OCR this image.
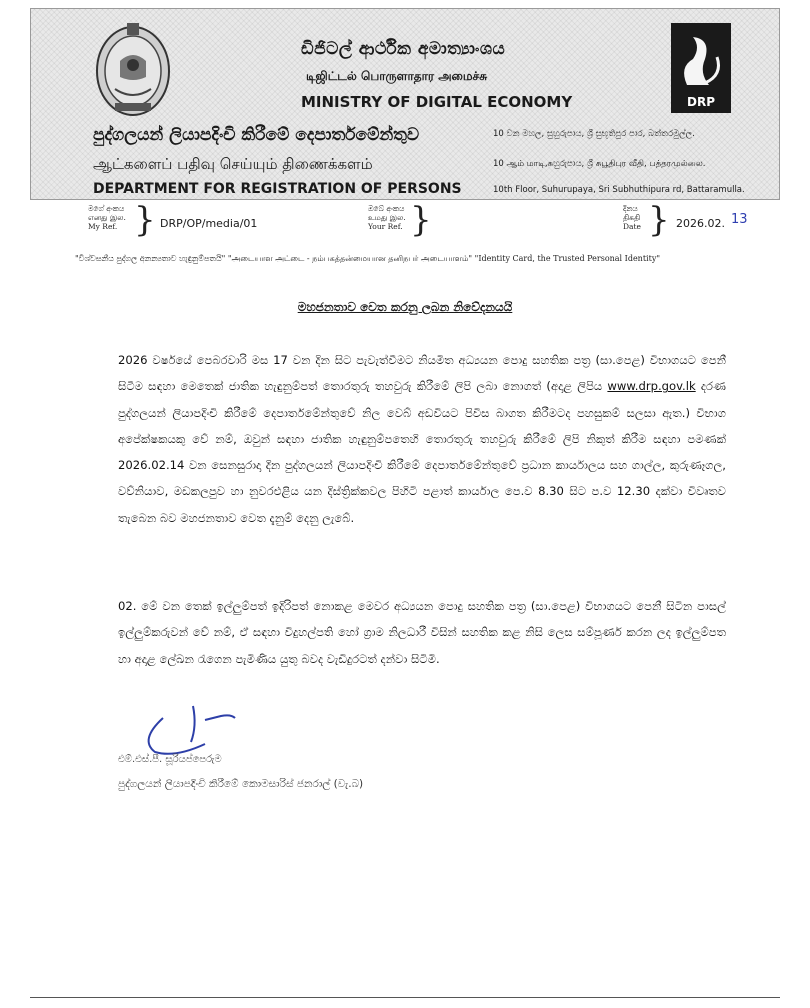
ඩිජිටල් ආර්ථික අමාත්‍යාංශය
டிஜிட்டல் பொருளாதார அமைச்சு
MINISTRY OF DIGITAL ECONOMY	DRP
පුද්ගලයන් ලියාපදිංචි කිරීමේ දෙපාර්තමේන්තුව
ஆட்களைப் பதிவு செய்யும் திணைக்களம்
DEPARTMENT FOR REGISTRATION OF PERSONS
10 වන මහල, සුහුරුපාය, ශ්‍රී සුභූතිපුර පාර, බත්තරමුල්ල.
10 ஆம் மாடி,சுහුරුපාය, ශ්‍රී சுபூதிபுர வீதி, பத்தரமுல்லை.
10th Floor, Suhurupaya, Sri Subhuthipura rd, Battaramulla.
මගේ අංකය
எனது இல.
My Ref. } DRP/OP/media/01
ඔබේ අංකය
உமது இல.
Your Ref. }	දිනය
திகதி
Date } 2026.02. 13
"විශ්වසනීය පුද්ගල අනන්‍යතාව හැඳුනුම්පතයි" "அடையாள அட்டை - நம்பகத்தன்மையான தனிநபர் அடையாளம்" "Identity Card, the Trusted Personal Identity"
මහජනතාව වෙත කරනු ලබන නිවේදනයයි

2026 වර්ෂයේ පෙබරවාරි මස 17 වන දින සිට පැවැත්වීමට නියමිත අධ්‍යයන පොදු සහතික පත්‍ර (සා.පෙළ) විභාගයට පෙනී සිටීම සඳහා මෙතෙක් ජාතික හැඳුනුම්පත් තොරතුරු තහවුරු කිරීමේ ලිපි ලබා නොගත් (අදාළ ලිපිය www.drp.gov.lk දරණ පුද්ගලයන් ලියාපදිංචි කිරීමේ දෙපාර්තමේන්තුවේ නිල වෙබ් අඩවියට පිවිස බාගත කිරීමටද පහසුකම් සලසා ඇත.) විභාග අපේක්ෂකයකු වේ නම්, ඔවුන් සඳහා ජාතික හැඳුනුම්පතෙහි තොරතුරු තහවුරු කිරීමේ ලිපි නිකුත් කිරීම සඳහා පමණක් 2026.02.14 වන සෙනසුරාදා දින පුද්ගලයන් ලියාපදිංචි කිරීමේ දෙපාර්තමේන්තුවේ ප්‍රධාන කාර්යාලය සහ ගාල්ල, කුරුණෑගල, වව්නියාව, මඩකලපුව හා නුවරඑළිය යන දිස්ත්‍රික්කවල පිහිටි පළාත් කාර්යාල පෙ.ව 8.30 සිට ප.ව 12.30 දක්වා විවෘතව තැබෙන බව මහජනතාව වෙත දැනුම් දෙනු ලැබේ.

02. මේ වන තෙක් ඉල්ලුම්පත් ඉදිරිපත් නොකළ මෙවර අධ්‍යයන පොදු සහතික පත්‍ර (සා.පෙළ) විභාගයට පෙනී සිටින පාසල් ඉල්ලුම්කරුවන් වේ නම්, ඒ සඳහා විදුහල්පති හෝ ග්‍රාම නිලධාරී විසින් සහතික කළ නිසි ලෙස සම්පූර්ණ කරන ලද ඉල්ලුම්පත හා අදාළ ලේඛන රැගෙන පැමිණිය යුතු බවද වැඩිදුරටත් දන්වා සිටිමි.

එම්.එස්.පී. සූරියප්පෙරුම
පුද්ගලයන් ලියාපදිංචි කිරීමේ කොමසාරිස් ජනරාල් (වැ.බ)
